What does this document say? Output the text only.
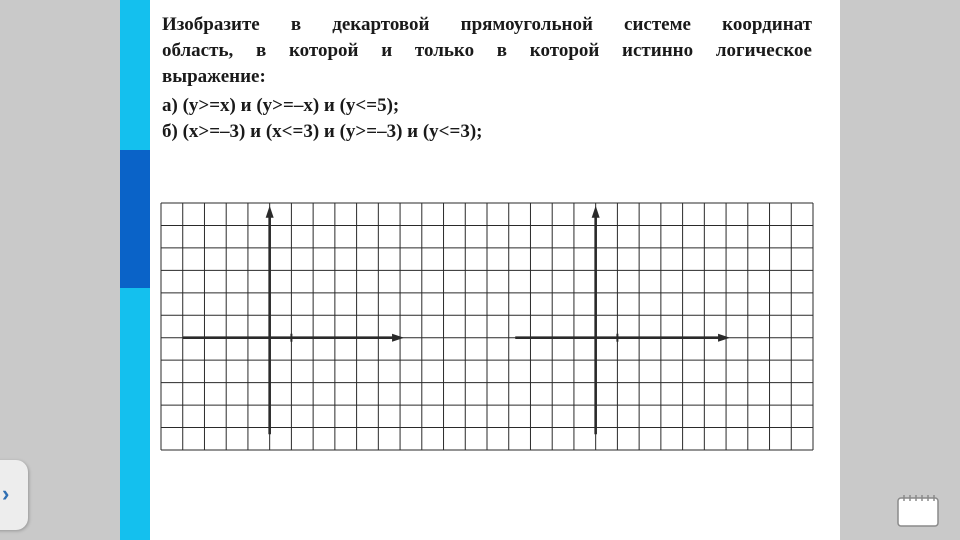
Изобразите в декартовой прямоугольной системе координат

область, в которой и только в которой истинно логическое

выражение:

а) (y>=x) и (y>=–x) и (y<=5);

б) (x>=–3) и (x<=3) и (y>=–3) и (y<=3);

›
